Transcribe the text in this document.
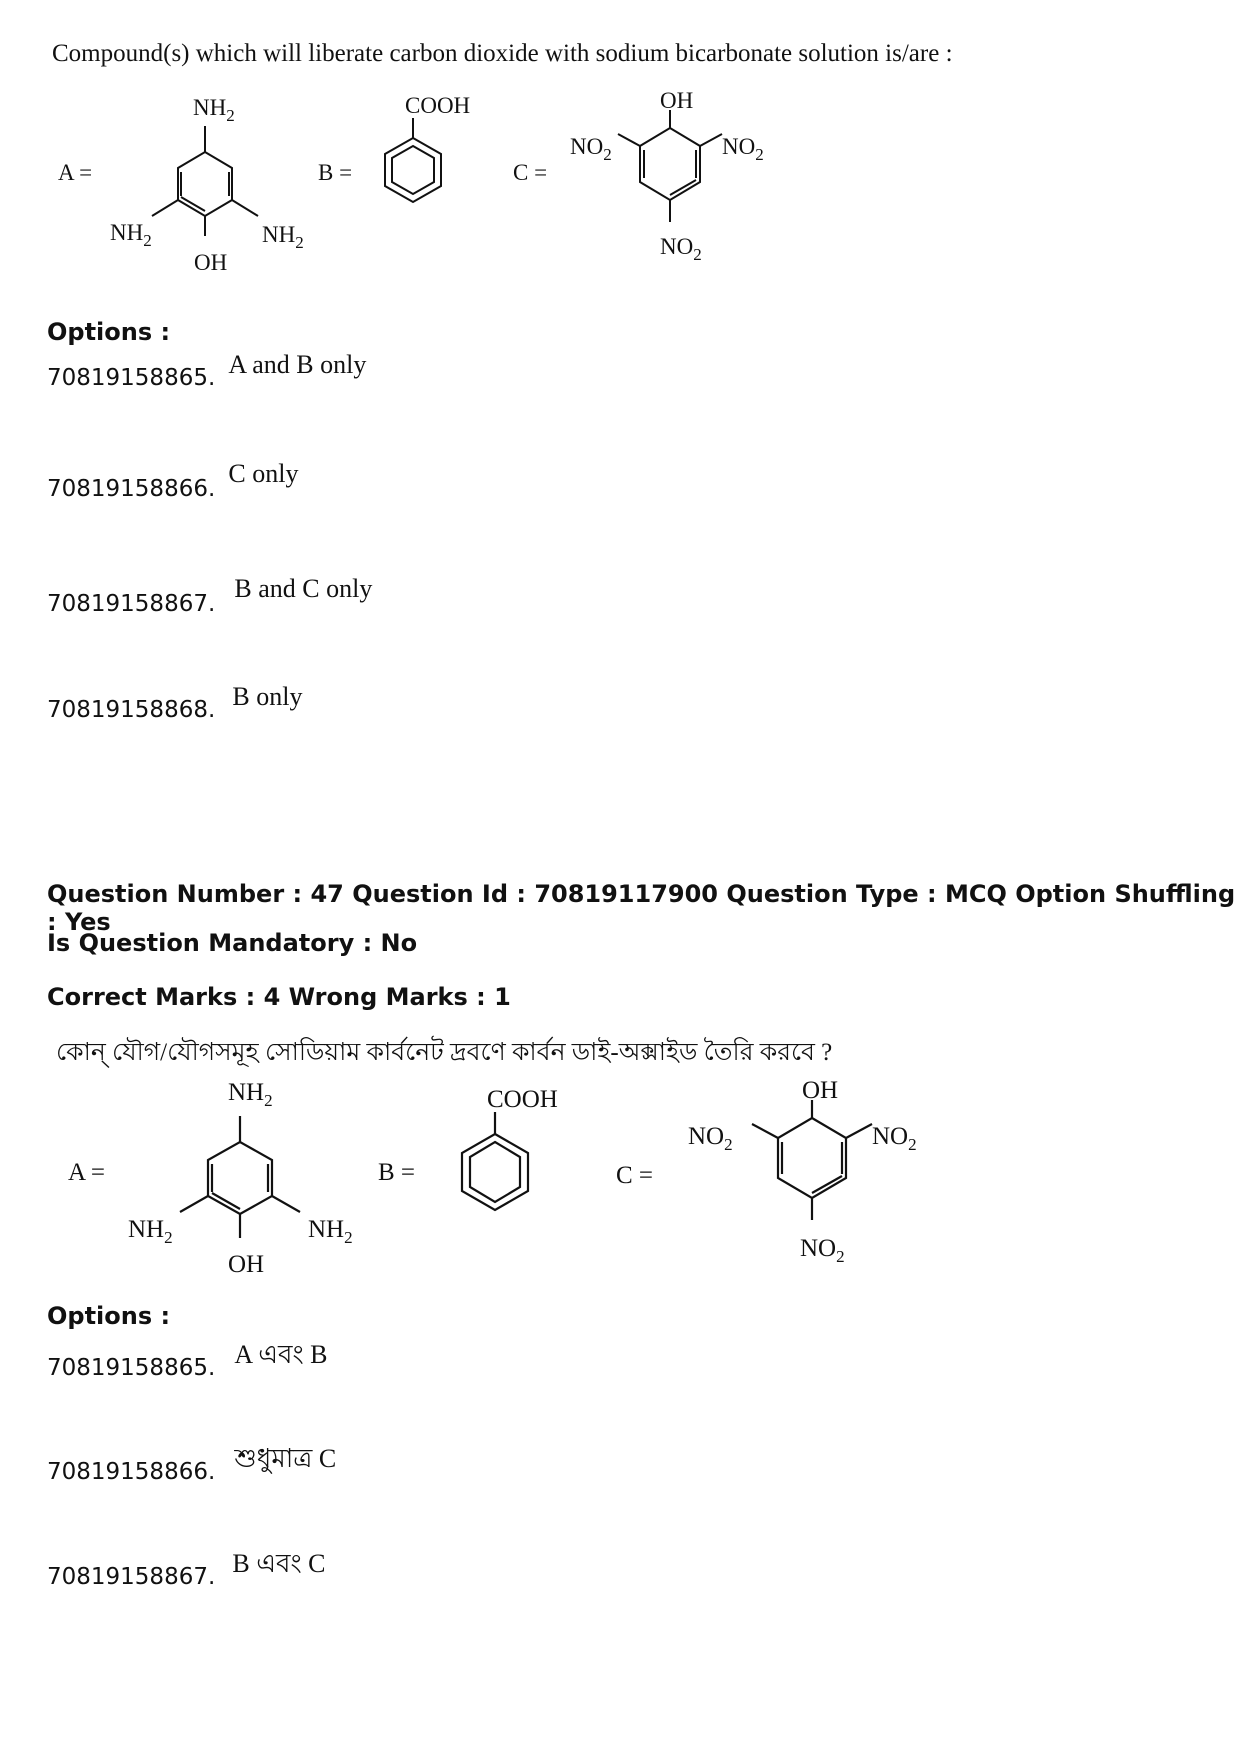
Compound(s) which will liberate carbon dioxide with sodium bicarbonate solution is/are :
A =
$NH_2$
$NH_2$	$NH_2$
OH
B =
COOH
C =
OH
$NO_2$	$NO_2$
$NO_2$
Options :
70819158865. A and B only
70819158866. C only
70819158867. B and C only
70819158868. B only
Question Number : 47 Question Id : 70819117900 Question Type : MCQ Option Shuffling : Yes
Is Question Mandatory : No
Correct Marks : 4 Wrong Marks : 1
কোন্ যৌগ/যৌগসমূহ সোডিয়াম কার্বনেট দ্রবণে কার্বন ডাই-অক্সাইড তৈরি করবে ?
A =
$NH_2$
$NH_2$	$NH_2$
OH
B =
COOH
C =
OH
$NO_2$	$NO_2$
$NO_2$
Options :
70819158865. A এবং B
70819158866. শুধুমাত্র C
70819158867. B এবং C
